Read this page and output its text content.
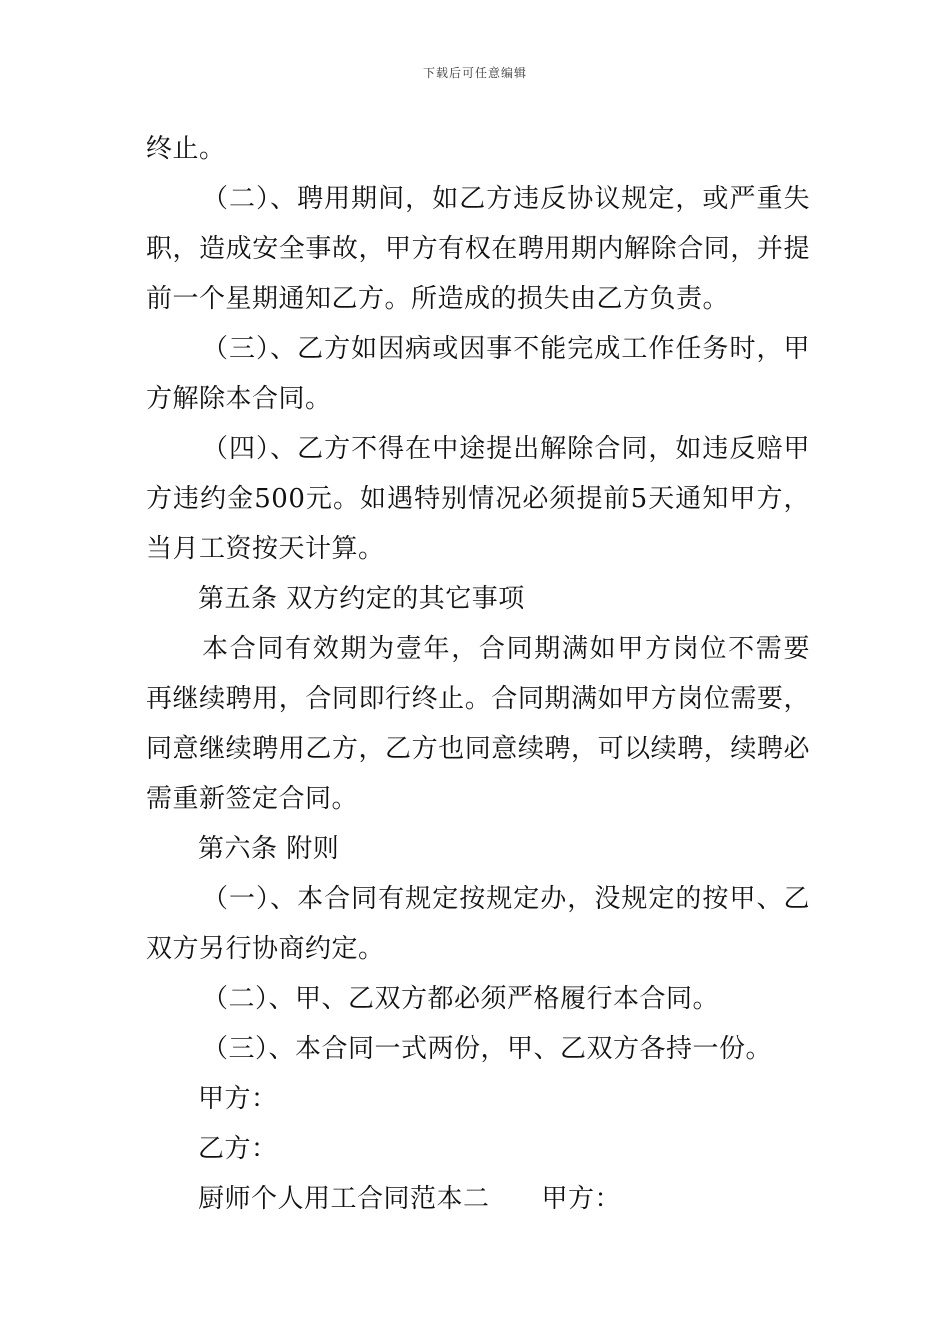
下载后可任意编辑

终止。

（二）、聘用期间，如乙方违反协议规定，或严重失职，造成安全事故，甲方有权在聘用期内解除合同，并提前一个星期通知乙方。所造成的损失由乙方负责。

（三）、乙方如因病或因事不能完成工作任务时，甲方解除本合同。

（四）、乙方不得在中途提出解除合同，如违反赔甲方违约金500元。如遇特别情况必须提前5天通知甲方，当月工资按天计算。

第五条 双方约定的其它事项

本合同有效期为壹年，合同期满如甲方岗位不需要再继续聘用，合同即行终止。合同期满如甲方岗位需要，同意继续聘用乙方，乙方也同意续聘，可以续聘，续聘必需重新签定合同。

第六条 附则

（一）、本合同有规定按规定办，没规定的按甲、乙双方另行协商约定。

（二）、甲、乙双方都必须严格履行本合同。

（三）、本合同一式两份，甲、乙双方各持一份。

甲方：

乙方：

厨师个人用工合同范本二 甲方：
